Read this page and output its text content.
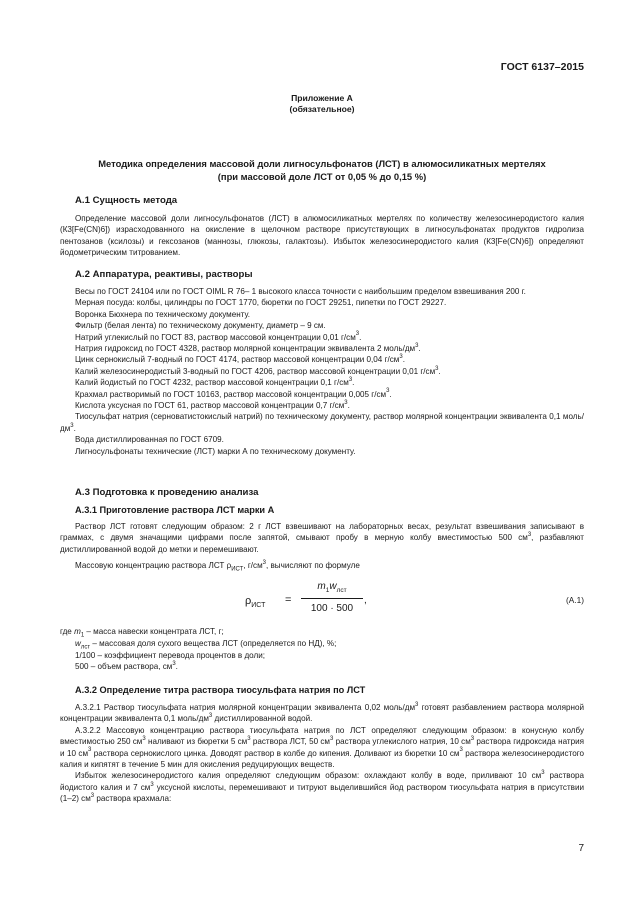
ГОСТ 6137–2015
Приложение А
(обязательное)
Методика определения массовой доли лигносульфонатов (ЛСТ) в алюмосиликатных мертелях
(при массовой доле ЛСТ от 0,05 % до 0,15 %)
А.1 Сущность метода

Определение массовой доли лигносульфонатов (ЛСТ) в алюмосиликатных мертелях по количеству железосинеродистого калия (К3[Fe(CN)6]) израсходованного на окисление в щелочном растворе присутствующих в лигносульфонатах продуктов гидролиза пентозанов (ксилозы) и гексозанов (маннозы, глюкозы, галактозы). Избыток железосинеродистого калия (К3[Fe(CN)6]) определяют йодометрическим титрованием.

А.2 Аппаратура, реактивы, растворы

Весы по ГОСТ 24104 или по ГОСТ OIML R 76– 1 высокого класса точности с наибольшим пределом взвешивания 200 г.

Мерная посуда: колбы, цилиндры по ГОСТ 1770, бюретки по ГОСТ 29251, пипетки по ГОСТ 29227.

Воронка Бюхнера по техническому документу.

Фильтр (белая лента) по техническому документу, диаметр – 9 см.

Натрий углекислый по ГОСТ 83, раствор массовой концентрации 0,01 $г/см^3$.

Натрия гидроксид по ГОСТ 4328, раствор молярной концентрации эквивалента 2 моль/$дм^3$.

Цинк сернокислый 7-водный по ГОСТ 4174, раствор массовой концентрации 0,04 $г/см^3$.

Калий железосинеродистый 3-водный по ГОСТ 4206, раствор массовой концентрации 0,01 $г/см^3$.

Калий йодистый по ГОСТ 4232, раствор массовой концентрации 0,1 $г/см^3$.

Крахмал растворимый по ГОСТ 10163, раствор массовой концентрации 0,005 $г/см^3$.

Кислота уксусная по ГОСТ 61, раствор массовой концентрации 0,7 $г/см^3$.

Тиосульфат натрия (серноватистокислый натрий) по техническому документу, раствор молярной концентрации эквивалента 0,1 моль/$дм^3$.

Вода дистиллированная по ГОСТ 6709.

Лигносульфонаты технические (ЛСТ) марки А по техническому документу.

А.3 Подготовка к проведению анализа
А.3.1 Приготовление раствора ЛСТ марки А

Раствор ЛСТ готовят следующим образом: 2 г ЛСТ взвешивают на лабораторных весах, результат взвешивания записывают в граммах, с двумя значащими цифрами после запятой, смывают пробу в мерную колбу вместимостью 500 $см^3$, разбавляют дистиллированной водой до метки и перемешивают.

Массовую концентрацию раствора ЛСТ $\rho_{ИСТ}$, $г/см^3$, вычисляют по формуле
$\rho_{ИСТ}$ =
$m_1w_{лст}$
100 · 500
,	(А.1)
где $m_1$ – масса навески концентрата ЛСТ, г;
$w_{лст}$ – массовая доля сухого вещества ЛСТ (определяется по НД), %;
1/100 – коэффициент перевода процентов в доли;
500 – объем раствора, $см^3$.
А.3.2 Определение титра раствора тиосульфата натрия по ЛСТ

А.3.2.1 Раствор тиосульфата натрия молярной концентрации эквивалента 0,02 моль/$дм^3$ готовят разбавлением раствора молярной концентрации эквивалента 0,1 моль/$дм^3$ дистиллированной водой.

А.3.2.2 Массовую концентрацию раствора тиосульфата натрия по ЛСТ определяют следующим образом: в конусную колбу вместимостью 250 $см^3$ наливают из бюретки 5 $см^3$ раствора ЛСТ, 50 $см^3$ раствора углекислого натрия, 10 $см^3$ раствора гидроксида натрия и 10 $см^3$ раствора сернокислого цинка. Доводят раствор в колбе до кипения. Доливают из бюретки 10 $см^3$ раствора железосинеродистого калия и кипятят в течение 5 мин для окисления редуцирующих веществ.

Избыток железосинеродистого калия определяют следующим образом: охлаждают колбу в воде, приливают 10 $см^3$ раствора йодистого калия и 7 $см^3$ уксусной кислоты, перемешивают и титруют выделившийся йод раствором тиосульфата натрия в присутствии (1–2) $см^3$ раствора крахмала:

7
